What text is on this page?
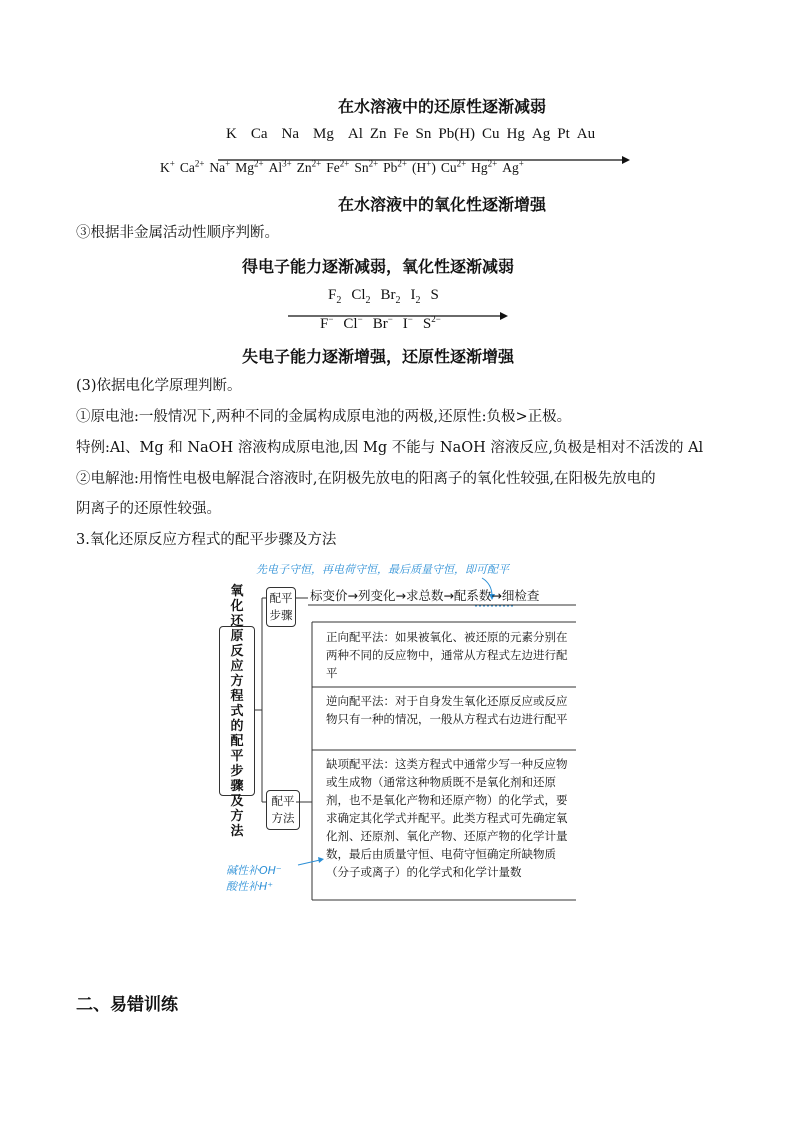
在水溶液中的还原性逐渐减弱
K Ca Na Mg Al Zn Fe Sn Pb(H) Cu Hg Ag Pt Au
K+ $Ca^{2+}$ Na+ $Mg^{2+}$ $Al^{3+}$ $Zn^{2+}$ $Fe^{2+}$ $Sn^{2+}$ $Pb^{2+}$ (H+) $Cu^{2+}$ $Hg^{2+}$ Ag+
在水溶液中的氧化性逐渐增强
③根据非金属活动性顺序判断。
得电子能力逐渐减弱，氧化性逐渐减弱
$F_2$ $Cl_2$ $Br_2$ $I_2$ S
F− Cl− Br− I− $S^{2-}$
失电子能力逐渐增强，还原性逐渐增强
(3)依据电化学原理判断。
①原电池:一般情况下,两种不同的金属构成原电池的两极,还原性:负极>正极。
特例:Al、Mg 和 NaOH 溶液构成原电池,因 Mg 不能与 NaOH 溶液反应,负极是相对不活泼的 Al
②电解池:用惰性电极电解混合溶液时,在阴极先放电的阳离子的氧化性较强,在阳极先放电的
阴离子的还原性较强。
3.氧化还原反应方程式的配平步骤及方法
先电子守恒，再电荷守恒，最后质量守恒，即可配平
氧化还原反应方程式的配平步骤及方法
配平步骤
标变价→列变化→求总数→配系数→细检查
配平方法
正向配平法：如果被氧化、被还原的元素分别在两种不同的反应物中，通常从方程式左边进行配平
逆向配平法：对于自身发生氧化还原反应或反应物只有一种的情况，一般从方程式右边进行配平
缺项配平法：这类方程式中通常少写一种反应物或生成物（通常这种物质既不是氧化剂和还原剂，也不是氧化产物和还原产物）的化学式，要求确定其化学式并配平。此类方程式可先确定氧化剂、还原剂、氧化产物、还原产物的化学计量数，最后由质量守恒、电荷守恒确定所缺物质（分子或离子）的化学式和化学计量数
碱性补OH⁻
酸性补H⁺
二、易错训练
